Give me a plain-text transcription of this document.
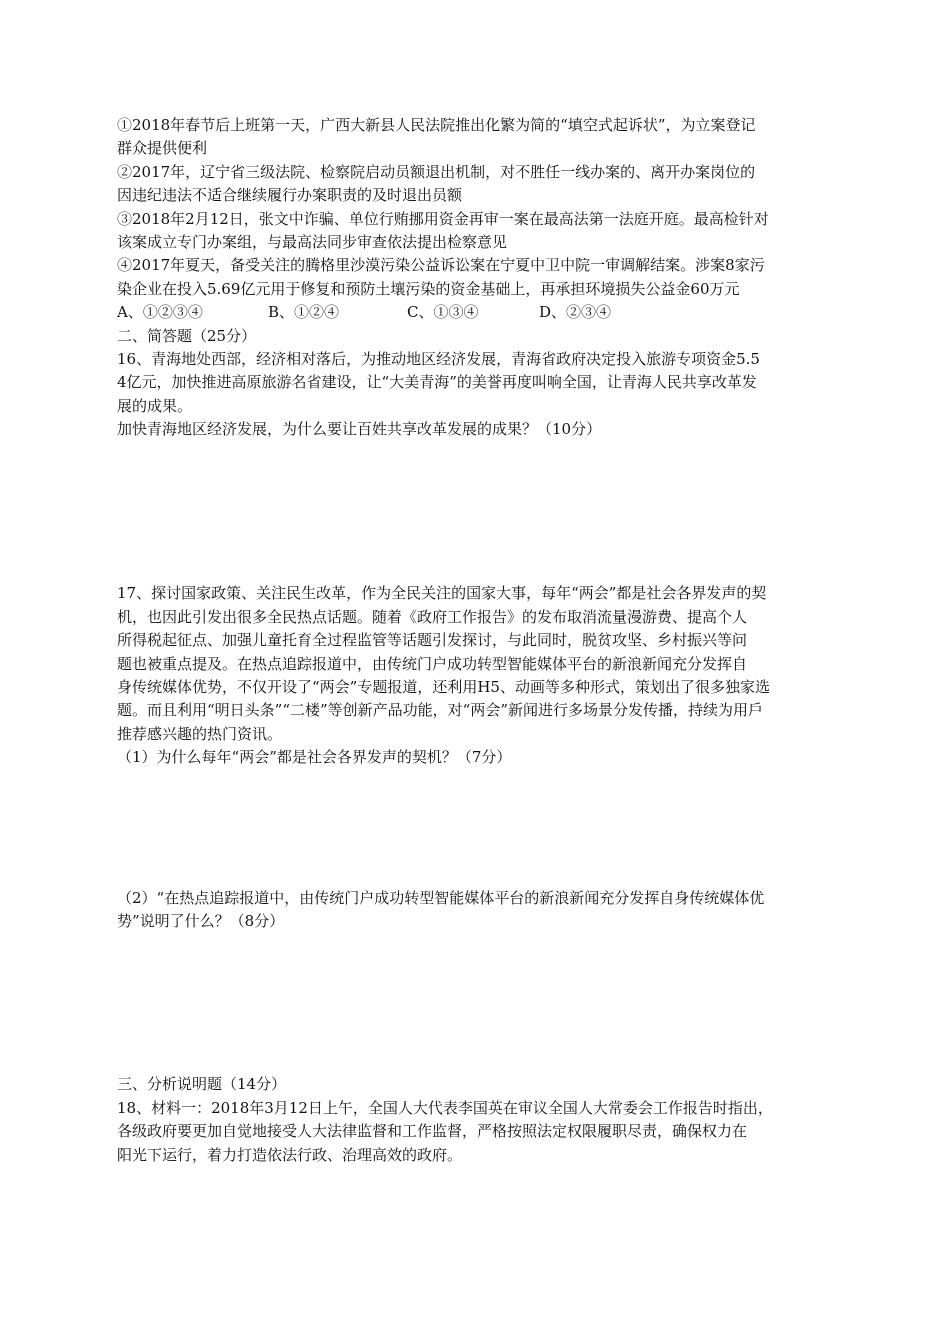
①2018年春节后上班第一天，广西大新县人民法院推出化繁为简的“填空式起诉状”，为立案登记
群众提供便利
②2017年，辽宁省三级法院、检察院启动员额退出机制，对不胜任一线办案的、离开办案岗位的
因违纪违法不适合继续履行办案职责的及时退出员额
③2018年2月12日，张文中诈骗、单位行贿挪用资金再审一案在最高法第一法庭开庭。最高检针对
该案成立专门办案组，与最高法同步审查依法提出检察意见
④2017年夏天，备受关注的腾格里沙漠污染公益诉讼案在宁夏中卫中院一审调解结案。涉案8家污
染企业在投入5.69亿元用于修复和预防土壤污染的资金基础上，再承担环境损失公益金60万元
A、①②③④	B、①②④	C、①③④	D、②③④
二、简答题（25分）
16、青海地处西部，经济相对落后，为推动地区经济发展，青海省政府决定投入旅游专项资金5.5
4亿元，加快推进高原旅游名省建设，让“大美青海”的美誉再度叫响全国，让青海人民共享改革发
展的成果。
加快青海地区经济发展，为什么要让百姓共享改革发展的成果？（10分）
17、探讨国家政策、关注民生改革，作为全民关注的国家大事，每年“两会”都是社会各界发声的契
机，也因此引发出很多全民热点话题。随着《政府工作报告》的发布取消流量漫游费、提高个人
所得税起征点、加强儿童托育全过程监管等话题引发探讨，与此同时，脱贫攻坚、乡村振兴等问
题也被重点提及。在热点追踪报道中，由传统门户成功转型智能媒体平台的新浪新闻充分发挥自
身传统媒体优势，不仅开设了“两会”专题报道，还利用H5、动画等多种形式，策划出了很多独家选
题。而且利用“明日头条”“二楼”等创新产品功能，对“两会”新闻进行多场景分发传播，持续为用戶
推荐感兴趣的热门资讯。
（1）为什么每年“两会”都是社会各界发声的契机？（7分）
（2）“在热点追踪报道中，由传统门户成功转型智能媒体平台的新浪新闻充分发挥自身传统媒体优
势”说明了什么？（8分）
三、分析说明题（14分）
18、材料一：2018年3月12日上午，全国人大代表李国英在审议全国人大常委会工作报告时指出，
各级政府要更加自觉地接受人大法律监督和工作监督，严格按照法定权限履职尽责，确保权力在
阳光下运行，着力打造依法行政、治理高效的政府。
